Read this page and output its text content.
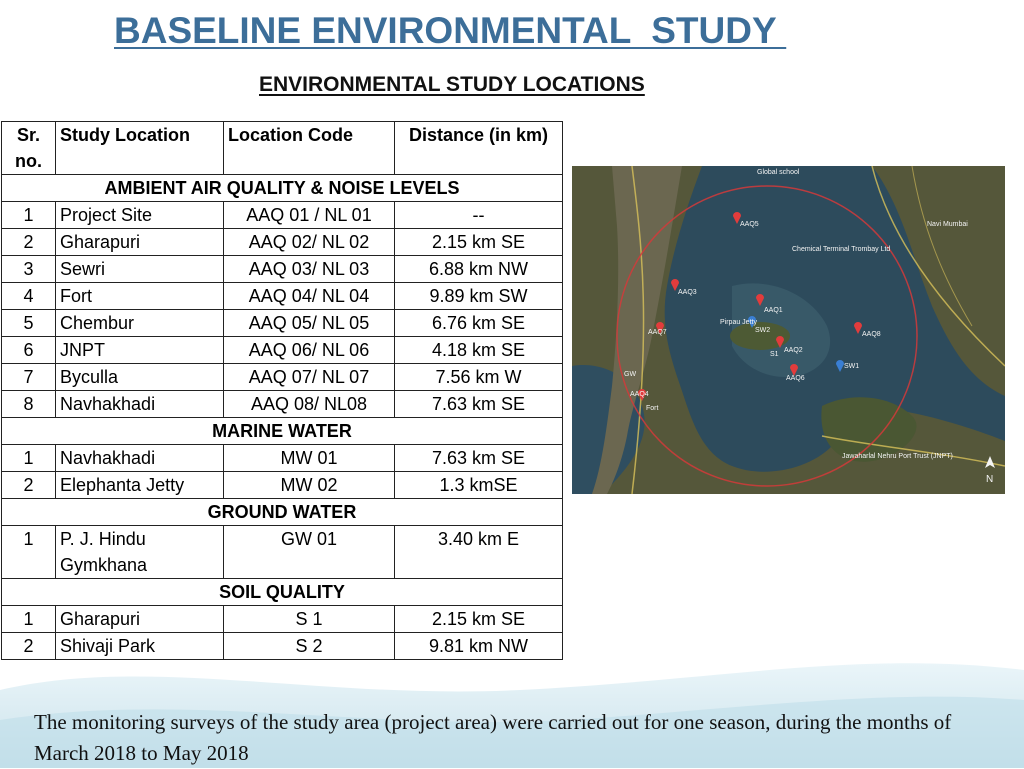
BASELINE ENVIRONMENTAL  STUDY
ENVIRONMENTAL STUDY LOCATIONS
Sr. no.	Study Location	Location Code	Distance (in km)
AMBIENT AIR QUALITY & NOISE LEVELS			
1	Project Site	AAQ 01 / NL 01	--
2	Gharapuri	AAQ 02/ NL 02	2.15 km SE
3	Sewri	AAQ 03/ NL 03	6.88 km NW
4	Fort	AAQ 04/ NL 04	9.89 km SW
5	Chembur	AAQ 05/ NL 05	6.76 km SE
6	JNPT	AAQ 06/ NL 06	4.18 km SE
7	Byculla	AAQ 07/ NL 07	7.56 km W
8	Navhakhadi	AAQ 08/ NL08	7.63 km SE
MARINE WATER			
1	Navhakhadi	MW 01	7.63 km SE
2	Elephanta Jetty	MW 02	1.3 kmSE
GROUND WATER			
1	P. J. Hindu Gymkhana	GW 01	3.40 km E
SOIL QUALITY			
1	Gharapuri	S 1	2.15 km SE
2	Shivaji Park	S 2	9.81 km NW
Global school
Chemical Terminal Trombay Ltd
Navi Mumbai
Pirpau Jetty
Jawaharlal Nehru Port Trust (JNPT)
AAQ1
AAQ2
AAQ3
AAQ4
AAQ5
AAQ6
AAQ7	AAQ8
SW1
SW2
S1
GW
Fort
N

The monitoring surveys of the study area (project area) were carried out for one season, during the months of March 2018 to May 2018
